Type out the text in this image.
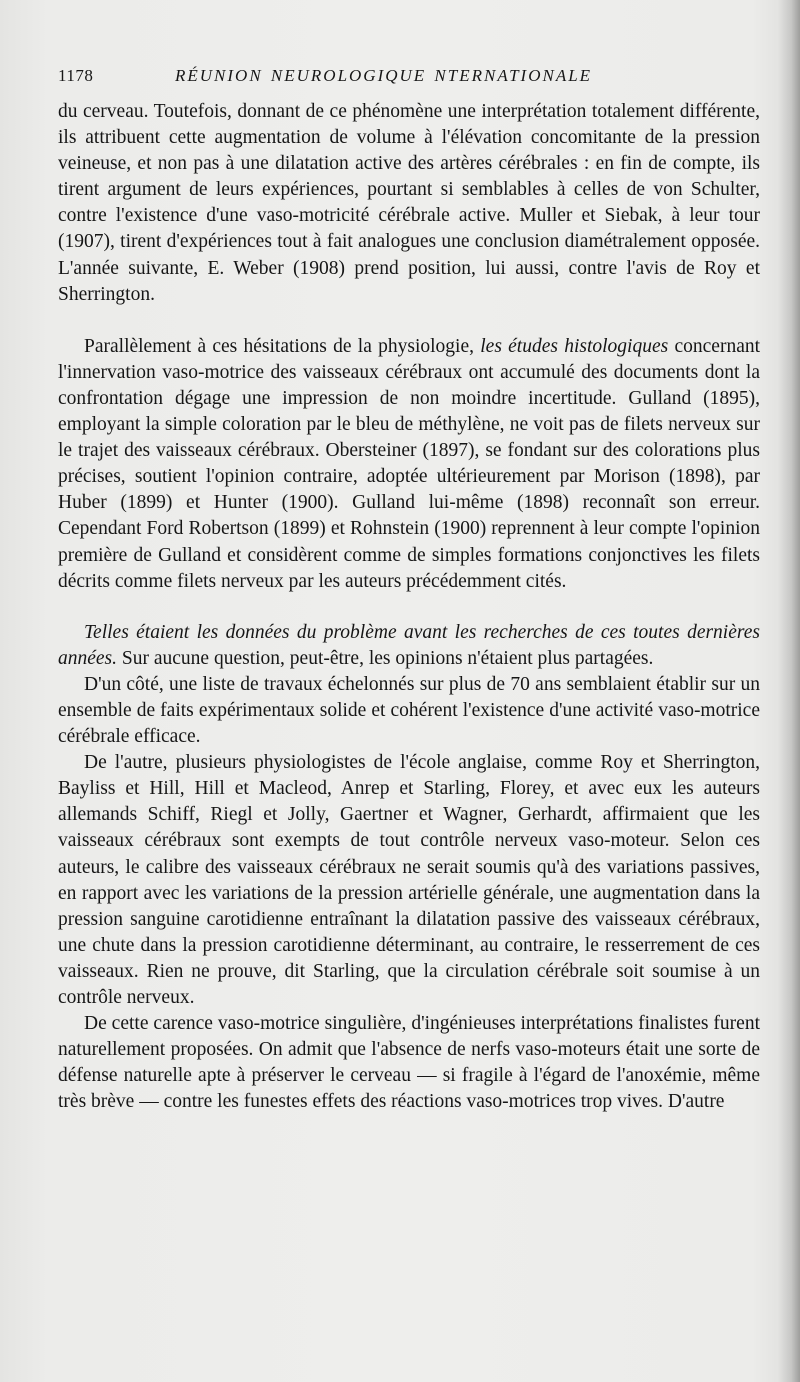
1178	RÉUNION NEUROLOGIQUE NTERNATIONALE

du cerveau. Toutefois, donnant de ce phénomène une interprétation totalement différente, ils attribuent cette augmentation de volume à l'élévation concomitante de la pression veineuse, et non pas à une dilatation active des artères cérébrales : en fin de compte, ils tirent argument de leurs expériences, pourtant si semblables à celles de von Schulter, contre l'existence d'une vaso-motricité cérébrale active. Muller et Siebak, à leur tour (1907), tirent d'expériences tout à fait analogues une conclusion diamétralement opposée. L'année suivante, E. Weber (1908) prend position, lui aussi, contre l'avis de Roy et Sherrington.

Parallèlement à ces hésitations de la physiologie, les études histologiques concernant l'innervation vaso-motrice des vaisseaux cérébraux ont accumulé des documents dont la confrontation dégage une impression de non moindre incertitude. Gulland (1895), employant la simple coloration par le bleu de méthylène, ne voit pas de filets nerveux sur le trajet des vaisseaux cérébraux. Obersteiner (1897), se fondant sur des colorations plus précises, soutient l'opinion contraire, adoptée ultérieurement par Morison (1898), par Huber (1899) et Hunter (1900). Gulland lui-même (1898) reconnaît son erreur. Cependant Ford Robertson (1899) et Rohnstein (1900) reprennent à leur compte l'opinion première de Gulland et considèrent comme de simples formations conjonctives les filets décrits comme filets nerveux par les auteurs précédemment cités.

Telles étaient les données du problème avant les recherches de ces toutes dernières années. Sur aucune question, peut-être, les opinions n'étaient plus partagées.

D'un côté, une liste de travaux échelonnés sur plus de 70 ans semblaient établir sur un ensemble de faits expérimentaux solide et cohérent l'existence d'une activité vaso-motrice cérébrale efficace.

De l'autre, plusieurs physiologistes de l'école anglaise, comme Roy et Sherrington, Bayliss et Hill, Hill et Macleod, Anrep et Starling, Florey, et avec eux les auteurs allemands Schiff, Riegl et Jolly, Gaertner et Wagner, Gerhardt, affirmaient que les vaisseaux cérébraux sont exempts de tout contrôle nerveux vaso-moteur. Selon ces auteurs, le calibre des vaisseaux cérébraux ne serait soumis qu'à des variations passives, en rapport avec les variations de la pression artérielle générale, une augmentation dans la pression sanguine carotidienne entraînant la dilatation passive des vaisseaux cérébraux, une chute dans la pression carotidienne déterminant, au contraire, le resserrement de ces vaisseaux. Rien ne prouve, dit Starling, que la circulation cérébrale soit soumise à un contrôle nerveux.

De cette carence vaso-motrice singulière, d'ingénieuses interprétations finalistes furent naturellement proposées. On admit que l'absence de nerfs vaso-moteurs était une sorte de défense naturelle apte à préserver le cerveau — si fragile à l'égard de l'anoxémie, même très brève — contre les funestes effets des réactions vaso-motrices trop vives. D'autre
